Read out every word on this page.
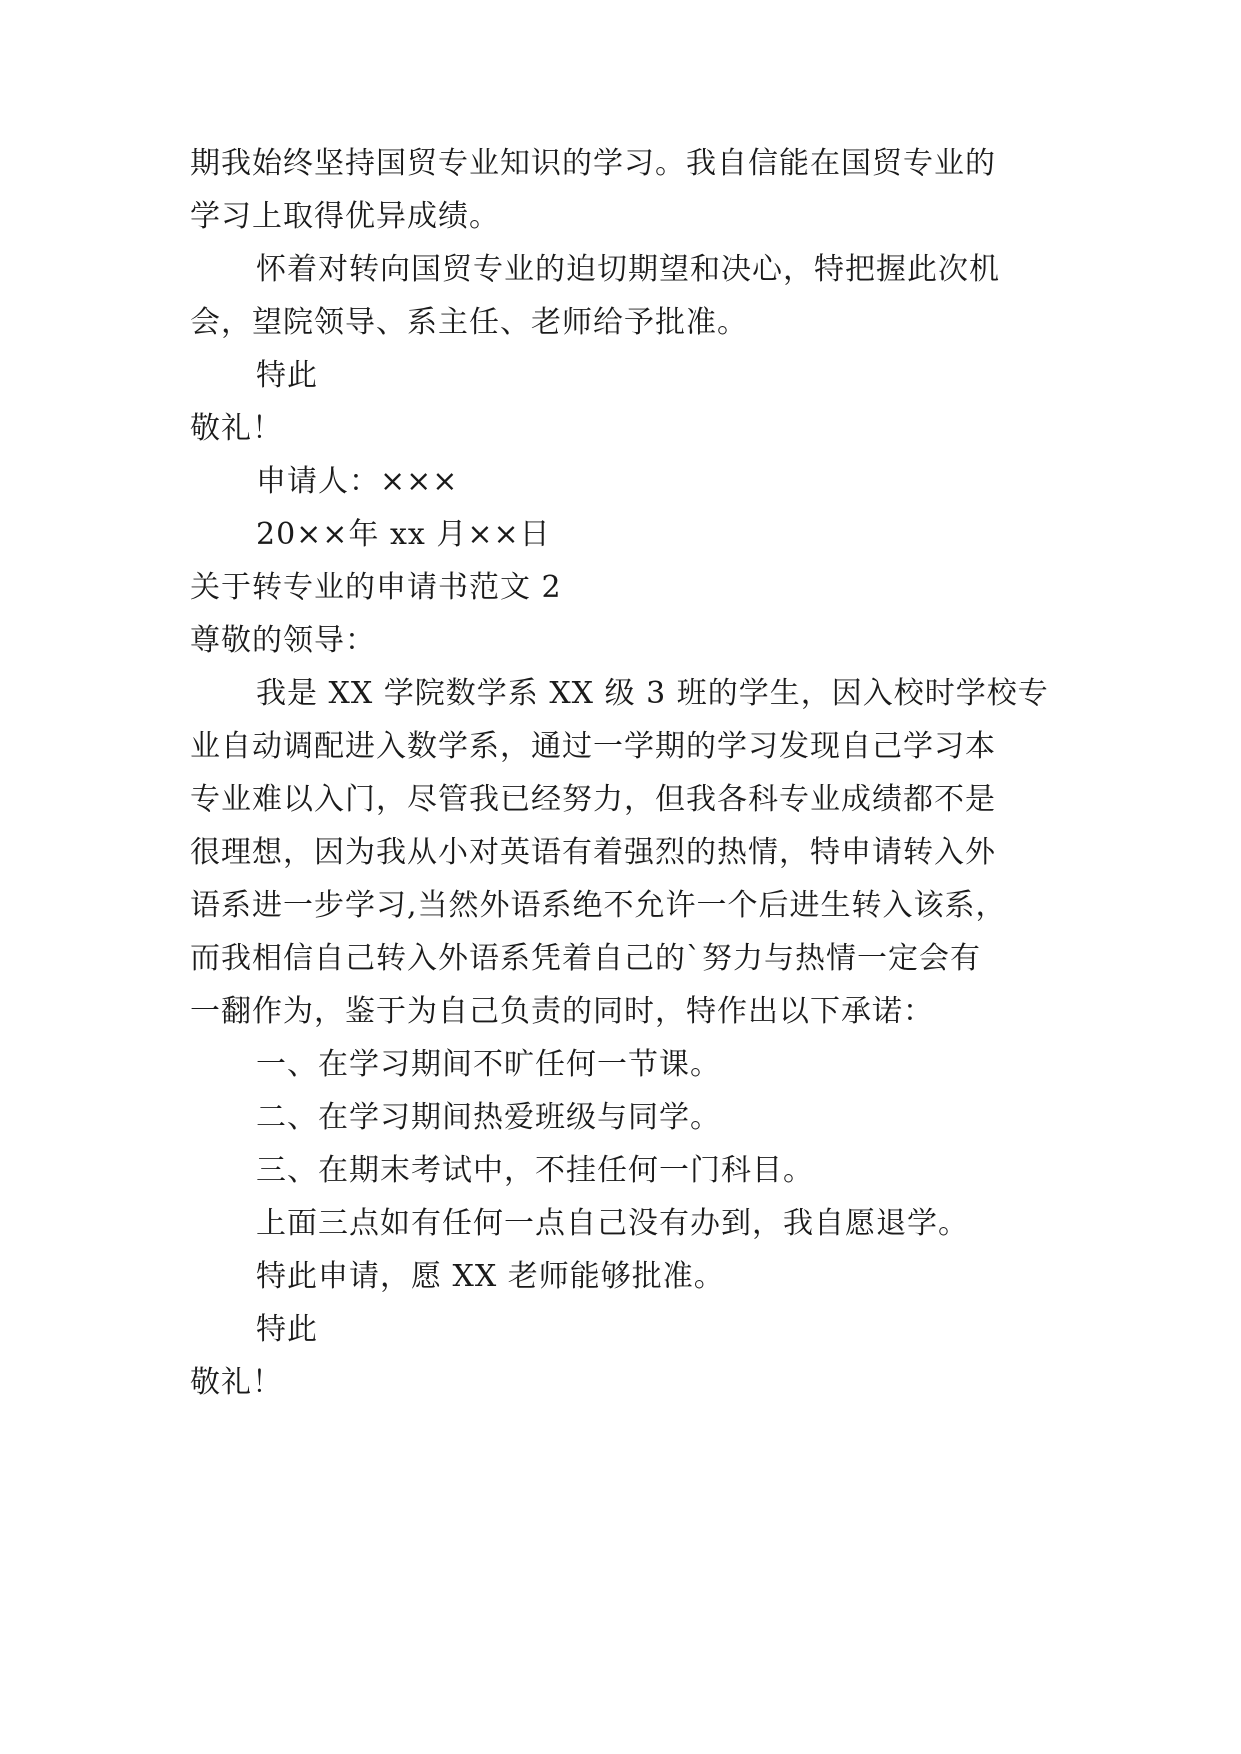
期我始终坚持国贸专业知识的学习。我自信能在国贸专业的
学习上取得优异成绩。
怀着对转向国贸专业的迫切期望和决心，特把握此次机
会，望院领导、系主任、老师给予批准。
特此
敬礼！
申请人：×××
20××年 xx 月××日
关于转专业的申请书范文 2
尊敬的领导：
我是 XX 学院数学系 XX 级 3 班的学生，因入校时学校专
业自动调配进入数学系，通过一学期的学习发现自己学习本
专业难以入门，尽管我已经努力，但我各科专业成绩都不是
很理想，因为我从小对英语有着强烈的热情，特申请转入外
语系进一步学习,当然外语系绝不允许一个后进生转入该系，
而我相信自己转入外语系凭着自己的`努力与热情一定会有
一翻作为，鉴于为自己负责的同时，特作出以下承诺：
一、在学习期间不旷任何一节课。
二、在学习期间热爱班级与同学。
三、在期末考试中，不挂任何一门科目。
上面三点如有任何一点自己没有办到，我自愿退学。
特此申请，愿 XX 老师能够批准。
特此
敬礼！
